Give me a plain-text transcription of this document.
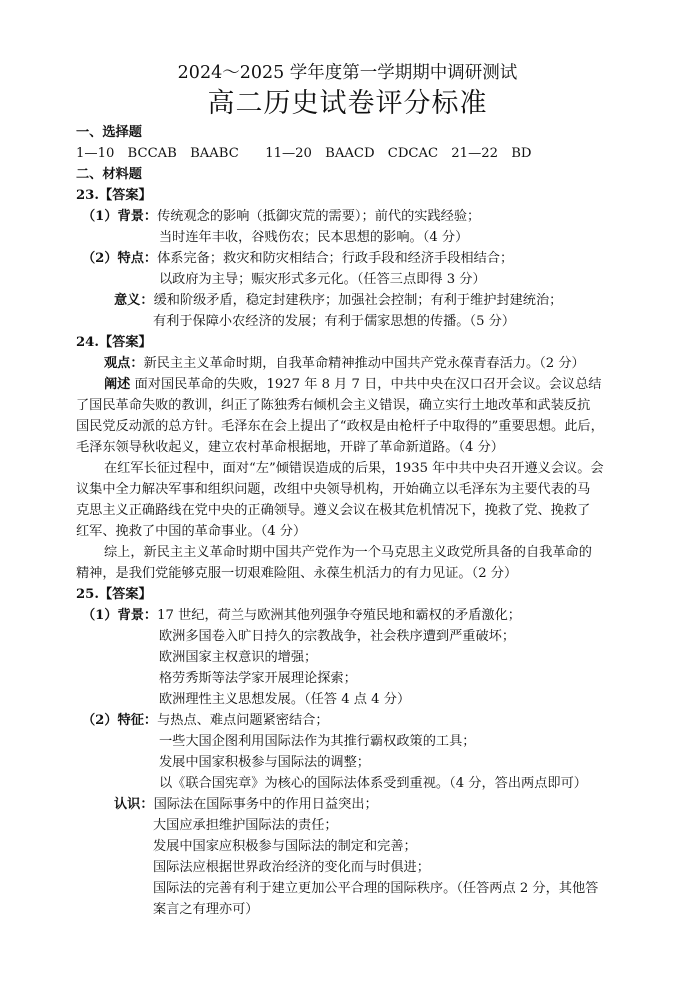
2024～2025 学年度第一学期期中调研测试
高二历史试卷评分标准
一、选择题
1—10　BCCAB　BAABC　　11—20　BAACD　CDCAC　21—22　BD
二、材料题
23.【答案】
（1）背景：传统观念的影响（抵御灾荒的需要）；前代的实践经验；
当时连年丰收，谷贱伤农；民本思想的影响。（4 分）
（2）特点：体系完备；救灾和防灾相结合；行政手段和经济手段相结合；
以政府为主导；赈灾形式多元化。（任答三点即得 3 分）
意义：缓和阶级矛盾，稳定封建秩序；加强社会控制；有利于维护封建统治；
有利于保障小农经济的发展；有利于儒家思想的传播。（5 分）
24.【答案】
观点：新民主主义革命时期，自我革命精神推动中国共产党永葆青春活力。（2 分）
阐述 面对国民革命的失败，1927 年 8 月 7 日，中共中央在汉口召开会议。会议总结
了国民革命失败的教训，纠正了陈独秀右倾机会主义错误，确立实行土地改革和武装反抗
国民党反动派的总方针。毛泽东在会上提出了“政权是由枪杆子中取得的”重要思想。此后，
毛泽东领导秋收起义，建立农村革命根据地，开辟了革命新道路。（4 分）
在红军长征过程中，面对“左”倾错误造成的后果，1935 年中共中央召开遵义会议。会
议集中全力解决军事和组织问题，改组中央领导机构，开始确立以毛泽东为主要代表的马
克思主义正确路线在党中央的正确领导。遵义会议在极其危机情况下，挽救了党、挽救了
红军、挽救了中国的革命事业。（4 分）
综上，新民主主义革命时期中国共产党作为一个马克思主义政党所具备的自我革命的
精神，是我们党能够克服一切艰难险阻、永葆生机活力的有力见证。（2 分）
25.【答案】
（1）背景：17 世纪，荷兰与欧洲其他列强争夺殖民地和霸权的矛盾激化；
欧洲多国卷入旷日持久的宗教战争，社会秩序遭到严重破坏；
欧洲国家主权意识的增强；
格劳秀斯等法学家开展理论探索；
欧洲理性主义思想发展。（任答 4 点 4 分）
（2）特征：与热点、难点问题紧密结合；
一些大国企图利用国际法作为其推行霸权政策的工具；
发展中国家积极参与国际法的调整；
以《联合国宪章》为核心的国际法体系受到重视。（4 分，答出两点即可）
认识：国际法在国际事务中的作用日益突出；
大国应承担维护国际法的责任；
发展中国家应积极参与国际法的制定和完善；
国际法应根据世界政治经济的变化而与时俱进；
国际法的完善有利于建立更加公平合理的国际秩序。（任答两点 2 分，其他答
案言之有理亦可）
